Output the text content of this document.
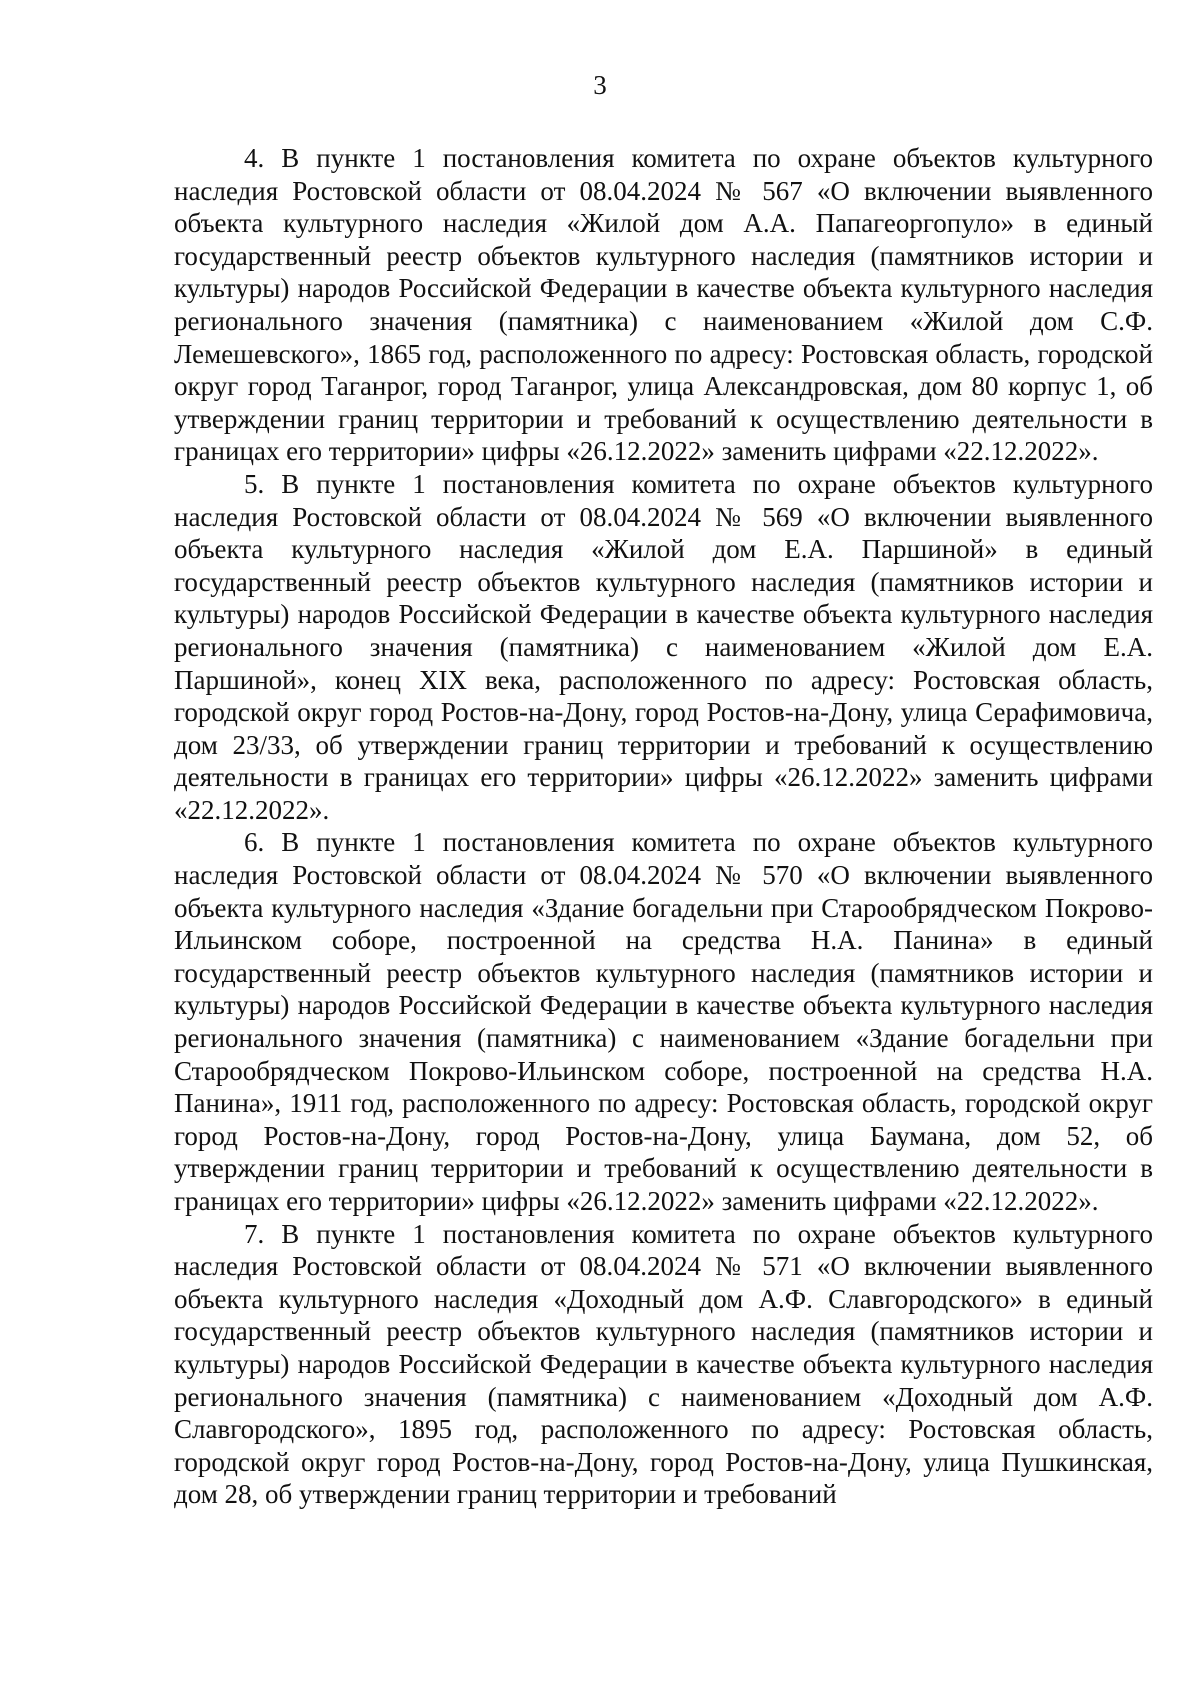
3

4. В пункте 1 постановления комитета по охране объектов культурного наследия Ростовской области от 08.04.2024 № 567 «О включении выявленного объекта культурного наследия «Жилой дом А.А. Папагеоргопуло» в единый государственный реестр объектов культурного наследия (памятников истории и культуры) народов Российской Федерации в качестве объекта культурного наследия регионального значения (памятника) с наименованием «Жилой дом С.Ф. Лемешевского», 1865 год, расположенного по адресу: Ростовская область, городской округ город Таганрог, город Таганрог, улица Александровская, дом 80 корпус 1, об утверждении границ территории и требований к осуществлению деятельности в границах его территории» цифры «26.12.2022» заменить цифрами «22.12.2022».

5. В пункте 1 постановления комитета по охране объектов культурного наследия Ростовской области от 08.04.2024 № 569 «О включении выявленного объекта культурного наследия «Жилой дом Е.А. Паршиной» в единый государственный реестр объектов культурного наследия (памятников истории и культуры) народов Российской Федерации в качестве объекта культурного наследия регионального значения (памятника) с наименованием «Жилой дом Е.А. Паршиной», конец XIX века, расположенного по адресу: Ростовская область, городской округ город Ростов-на-Дону, город Ростов-на-Дону, улица Серафимовича, дом 23/33, об утверждении границ территории и требований к осуществлению деятельности в границах его территории» цифры «26.12.2022» заменить цифрами «22.12.2022».

6. В пункте 1 постановления комитета по охране объектов культурного наследия Ростовской области от 08.04.2024 № 570 «О включении выявленного объекта культурного наследия «Здание богадельни при Старообрядческом Покрово-Ильинском соборе, построенной на средства Н.А. Панина» в единый государственный реестр объектов культурного наследия (памятников истории и культуры) народов Российской Федерации в качестве объекта культурного наследия регионального значения (памятника) с наименованием «Здание богадельни при Старообрядческом Покрово-Ильинском соборе, построенной на средства Н.А. Панина», 1911 год, расположенного по адресу: Ростовская область, городской округ город Ростов-на-Дону, город Ростов-на-Дону, улица Баумана, дом 52, об утверждении границ территории и требований к осуществлению деятельности в границах его территории» цифры «26.12.2022» заменить цифрами «22.12.2022».

7. В пункте 1 постановления комитета по охране объектов культурного наследия Ростовской области от 08.04.2024 № 571 «О включении выявленного объекта культурного наследия «Доходный дом А.Ф. Славгородского» в единый государственный реестр объектов культурного наследия (памятников истории и культуры) народов Российской Федерации в качестве объекта культурного наследия регионального значения (памятника) с наименованием «Доходный дом А.Ф. Славгородского», 1895 год, расположенного по адресу: Ростовская область, городской округ город Ростов-на-Дону, город Ростов-на-Дону, улица Пушкинская, дом 28, об утверждении границ территории и требований
